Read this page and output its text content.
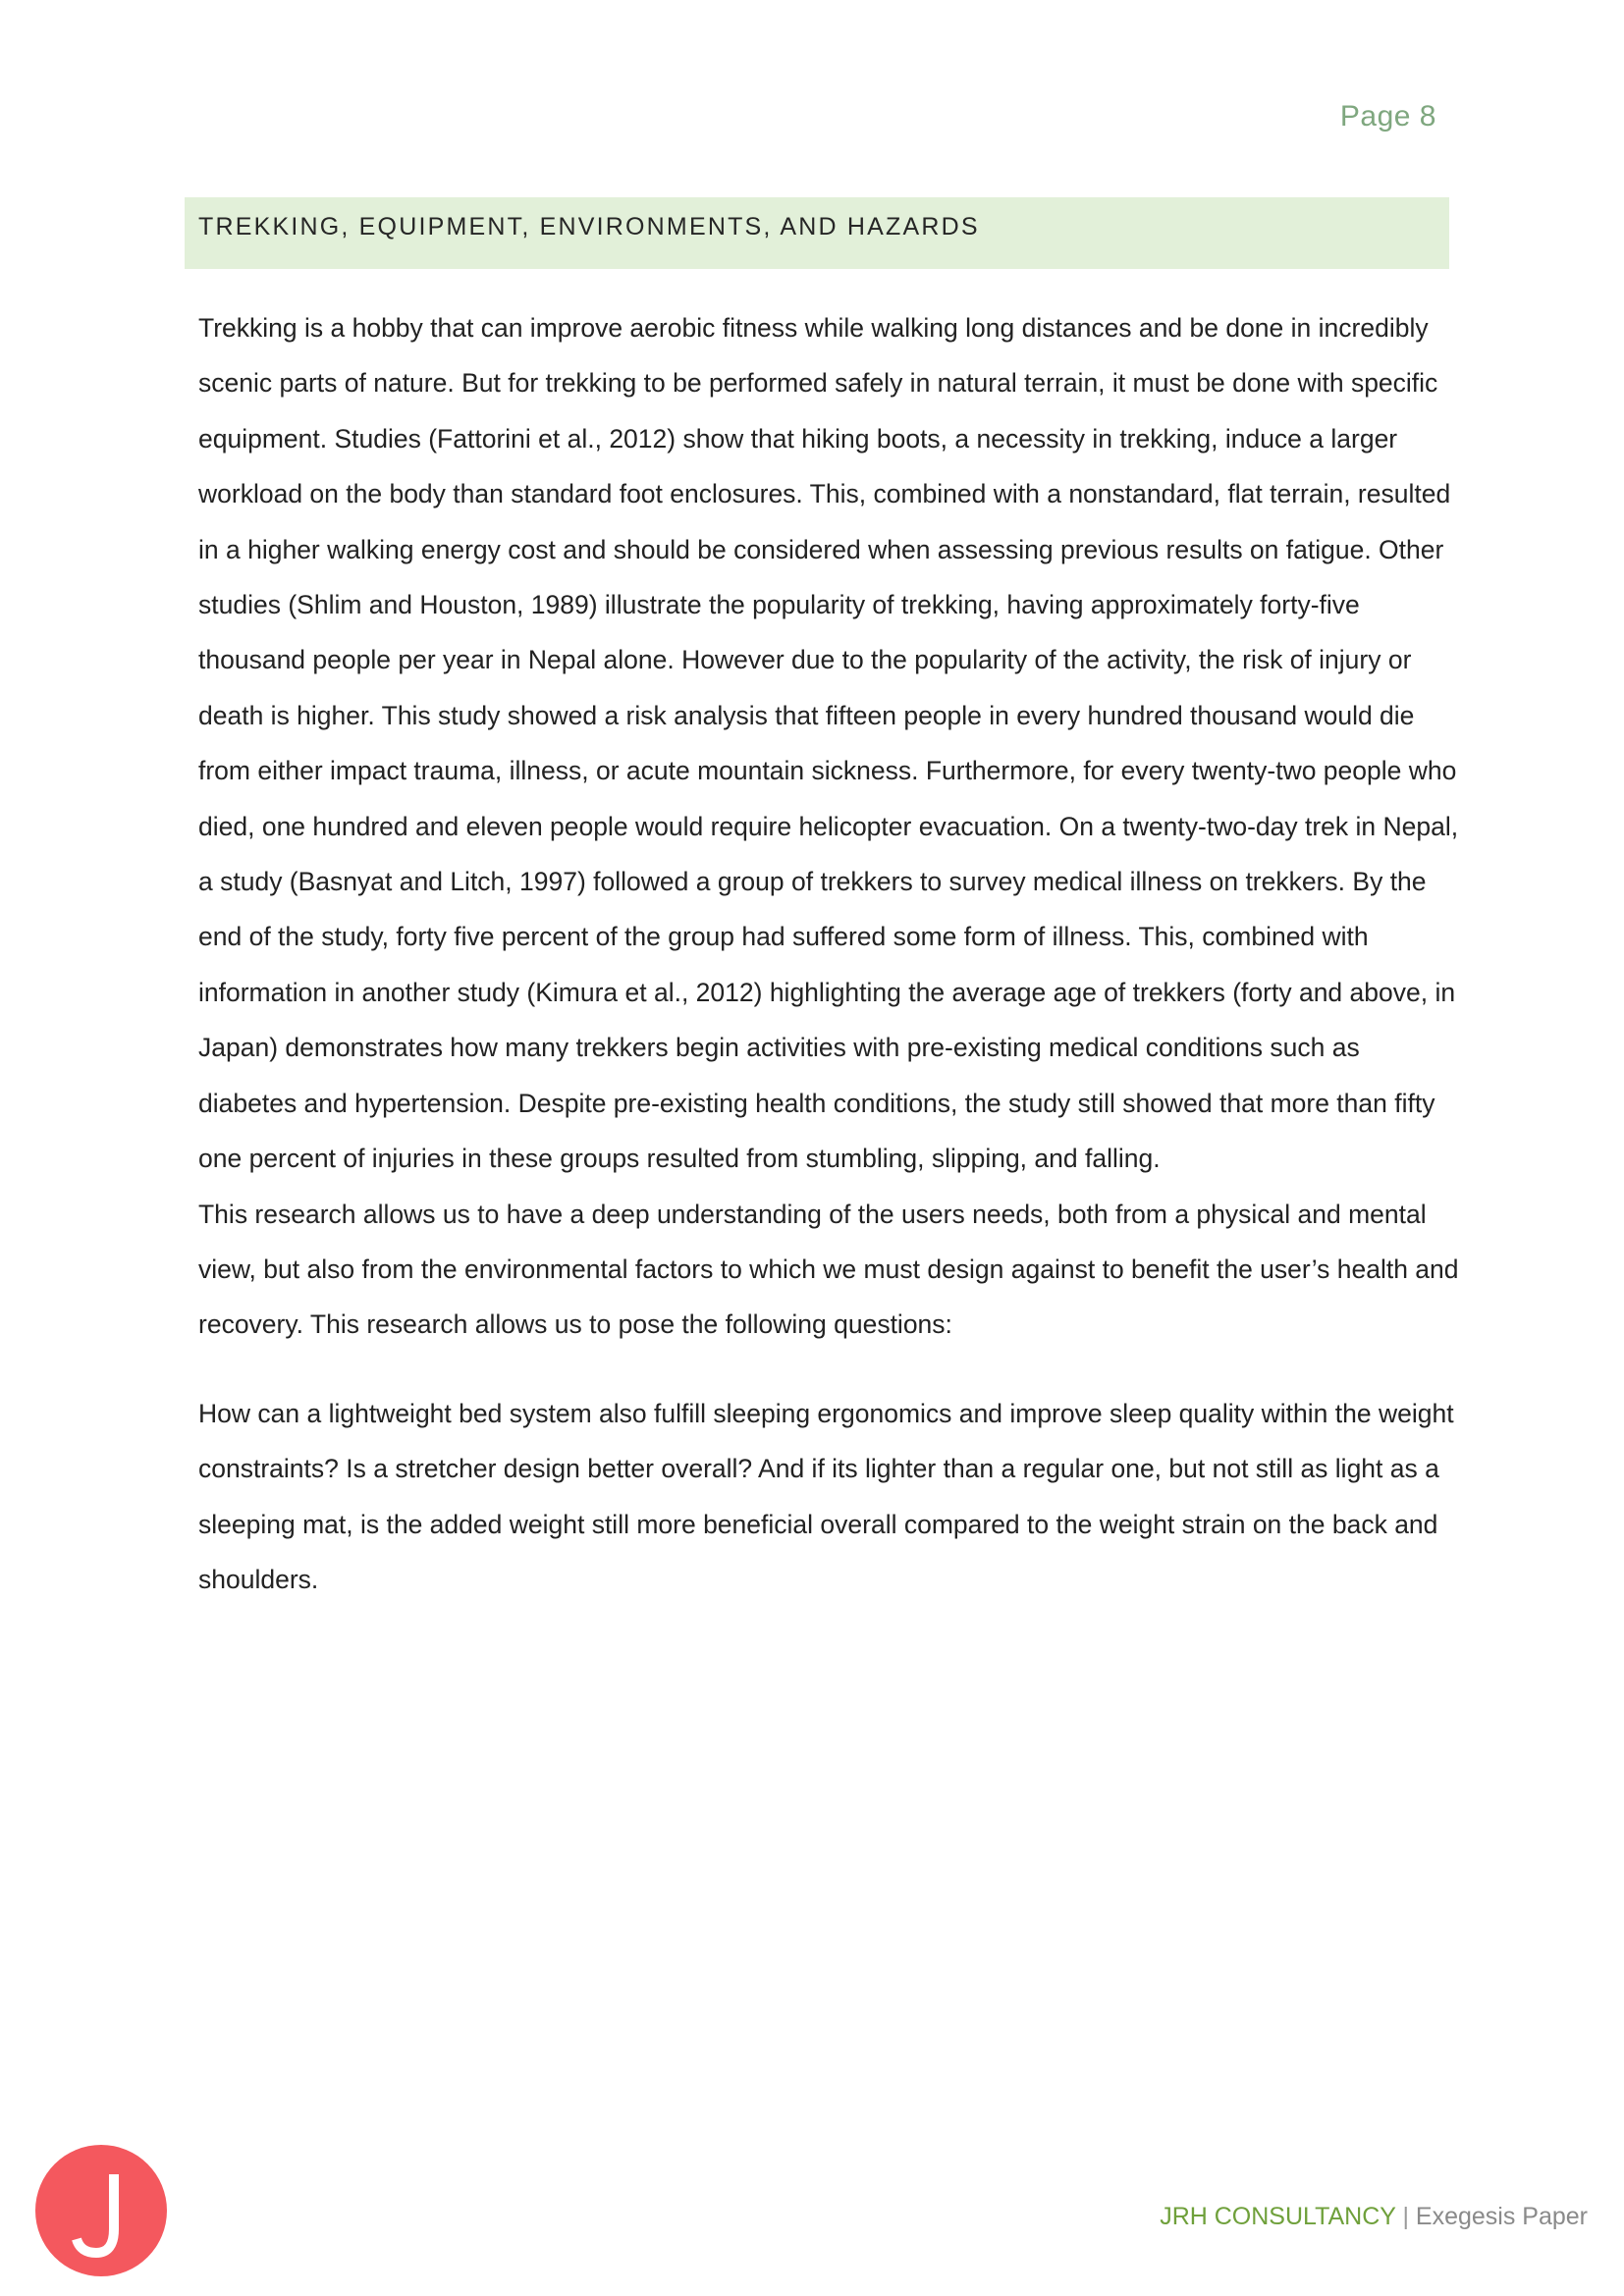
Page 8
TREKKING, EQUIPMENT, ENVIRONMENTS, AND HAZARDS

Trekking is a hobby that can improve aerobic fitness while walking long distances and be done in incredibly scenic parts of nature. But for trekking to be performed safely in natural terrain, it must be done with specific equipment. Studies (Fattorini et al., 2012) show that hiking boots, a necessity in trekking, induce a larger workload on the body than standard foot enclosures. This, combined with a nonstandard, flat terrain, resulted in a higher walking energy cost and should be considered when assessing previous results on fatigue. Other studies (Shlim and Houston, 1989) illustrate the popularity of trekking, having approximately forty-five thousand people per year in Nepal alone. However due to the popularity of the activity, the risk of injury or death is higher. This study showed a risk analysis that fifteen people in every hundred thousand would die from either impact trauma, illness, or acute mountain sickness. Furthermore, for every twenty-two people who died, one hundred and eleven people would require helicopter evacuation. On a twenty-two-day trek in Nepal, a study (Basnyat and Litch, 1997) followed a group of trekkers to survey medical illness on trekkers. By the end of the study, forty five percent of the group had suffered some form of illness. This, combined with information in another study (Kimura et al., 2012) highlighting the average age of trekkers (forty and above, in Japan) demonstrates how many trekkers begin activities with pre-existing medical conditions such as diabetes and hypertension. Despite pre-existing health conditions, the study still showed that more than fifty one percent of injuries in these groups resulted from stumbling, slipping, and falling.

This research allows us to have a deep understanding of the users needs, both from a physical and mental view, but also from the environmental factors to which we must design against to benefit the user’s health and recovery. This research allows us to pose the following questions:

How can a lightweight bed system also fulfill sleeping ergonomics and improve sleep quality within the weight constraints? Is a stretcher design better overall? And if its lighter than a regular one, but not still as light as a sleeping mat, is the added weight still more beneficial overall compared to the weight strain on the back and shoulders.

JRH CONSULTANCY | Exegesis Paper
